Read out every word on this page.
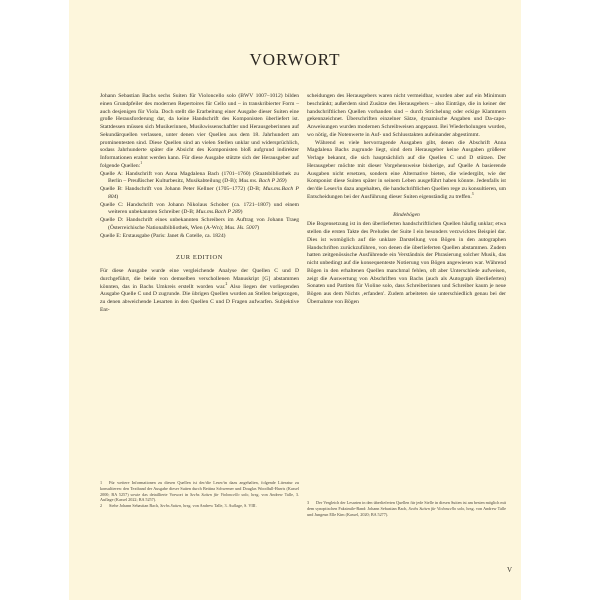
VORWORT

Johann Sebastian Bachs sechs Suiten für Violoncello solo (BWV 1007–1012) bilden einen Grundpfeiler des modernen Repertoires für Cello und – in transkribierter Form – auch desjenigen für Viola. Doch stellt die Erarbeitung einer Ausgabe dieser Suiten eine große Herausforderung dar, da keine Handschrift des Komponisten überliefert ist. Stattdessen müssen sich Musikerinnen, Musikwissenschaftler und Herausgeberinnen auf Sekundärquellen verlassen, unter denen vier Quellen aus dem 18. Jahrhundert am prominentesten sind. Diese Quellen sind an vielen Stellen unklar und widersprüchlich, sodass Jahrhunderte später die Absicht des Komponisten bloß aufgrund indirekter Informationen erahnt werden kann. Für diese Ausgabe stützte sich der Herausgeber auf folgende Quellen:$^1$

Quelle A: Handschrift von Anna Magdalena Bach (1701–1760) (Staatsbibliothek zu Berlin – Preußischer Kulturbesitz, Musikabteilung (D-B); Mus.ms. Bach P 269)

Quelle B: Handschrift von Johann Peter Kellner (1705–1772) (D-B; Mus.ms.Bach P 804)

Quelle C: Handschrift von Johann Nikolaus Schober (ca. 1721–1807) und einem weiteren unbekannten Schreiber (D-B; Mus.ms.Bach P 289)

Quelle D: Handschrift eines unbekannten Schreibers im Auftrag von Johann Traeg (Österreichische Nationalbibliothek, Wien (A-Wn); Mus. Hs. 5007)

Quelle E: Erstausgabe (Paris: Janet & Cotelle, ca. 1824)

ZUR EDITION

Für diese Ausgabe wurde eine vergleichende Analyse der Quellen C und D durchgeführt, die beide von demselben verschollenen Manuskript [G] abstammen könnten, das in Bachs Umkreis erstellt worden war.$^2$ Also liegen der vorliegenden Ausgabe Quelle C und D zugrunde. Die übrigen Quellen wurden an Stellen beigezogen, zu denen abweichende Lesarten in den Quellen C und D Fragen aufwarfen. Subjektive Ent-

scheidungen des Herausgebers waren nicht vermeidbar, wurden aber auf ein Minimum beschränkt; außerdem sind Zusätze des Herausgebers – also Einträge, die in keiner der handschriftlichen Quellen vorhanden sind – durch Strichelung oder eckige Klammern gekennzeichnet. Überschriften einzelner Sätze, dynamische Angaben und Da-capo-Anweisungen wurden modernen Schreibweisen angepasst. Bei Wiederholungen wurden, wo nötig, die Notenwerte in Auf- und Schlusstakten aufeinander abgestimmt.

Während es viele hervorragende Ausgaben gibt, denen die Abschrift Anna Magdalena Bachs zugrunde liegt, sind dem Herausgeber keine Ausgaben größerer Verlage bekannt, die sich hauptsächlich auf die Quellen C und D stützen. Der Herausgeber möchte mit dieser Vorgehensweise bisherige, auf Quelle A basierende Ausgaben nicht ersetzen, sondern eine Alternative bieten, die wiedergibt, wie der Komponist diese Suiten später in seinem Leben ausgeführt haben könnte. Jedenfalls ist der/die Leser/in dazu angehalten, die handschriftlichen Quellen rege zu konsultieren, um Entscheidungen bei der Ausführung dieser Suiten eigenständig zu treffen.$^3$

Bindebögen

Die Bogensetzung ist in den überlieferten handschriftlichen Quellen häufig unklar; etwa stellen die ersten Takte des Preludes der Suite I ein besonders verzwicktes Beispiel dar. Dies ist womöglich auf die unklare Darstellung von Bögen in den autographen Handschriften zurückzuführen, von denen die überlieferten Quellen abstammen. Zudem hatten zeitgenössische Ausführende ein Verständnis der Phrasierung solcher Musik, das nicht unbedingt auf die konsequenteste Notierung von Bögen angewiesen war. Während Bögen in den erhaltenen Quellen manchmal fehlen, oft aber Unterschiede aufweisen, zeigt die Auswertung von Abschriften von Bachs (auch als Autograph überlieferten) Sonaten und Partiten für Violine solo, dass Schreiberinnen und Schreiber kaum je neue Bögen aus dem Nichts ‚erfanden'. Zudem arbeiteten sie unterschiedlich genau bei der Übernahme von Bögen

1 Für weitere Informationen zu diesen Quellen ist der/die Leser/in dazu angehalten, folgende Literatur zu konsultieren: den Textband der Ausgabe dieser Suiten durch Bettina Schwemer und Douglas Woodfull-Harris (Kassel 2000; BA 5257) sowie das detaillierte Vorwort in Sechs Suiten für Violoncello solo, hrsg. von Andrew Talle, 3. Auflage (Kassel 2022; BA 5257).

2 Siehe Johann Sebastian Bach, Sechs Suiten, hrsg. von Andrew Talle, 3. Auflage, S. VIII.

3 Der Vergleich der Lesarten in den überlieferten Quellen für jede Stelle in diesen Suiten ist am besten möglich mit dem synoptischen Faksimile-Band: Johann Sebastian Bach, Sechs Suiten für Violoncello solo, hrsg. von Andrew Talle und Jungeun Elle Kim (Kassel, 2020; BA 5277).

V
